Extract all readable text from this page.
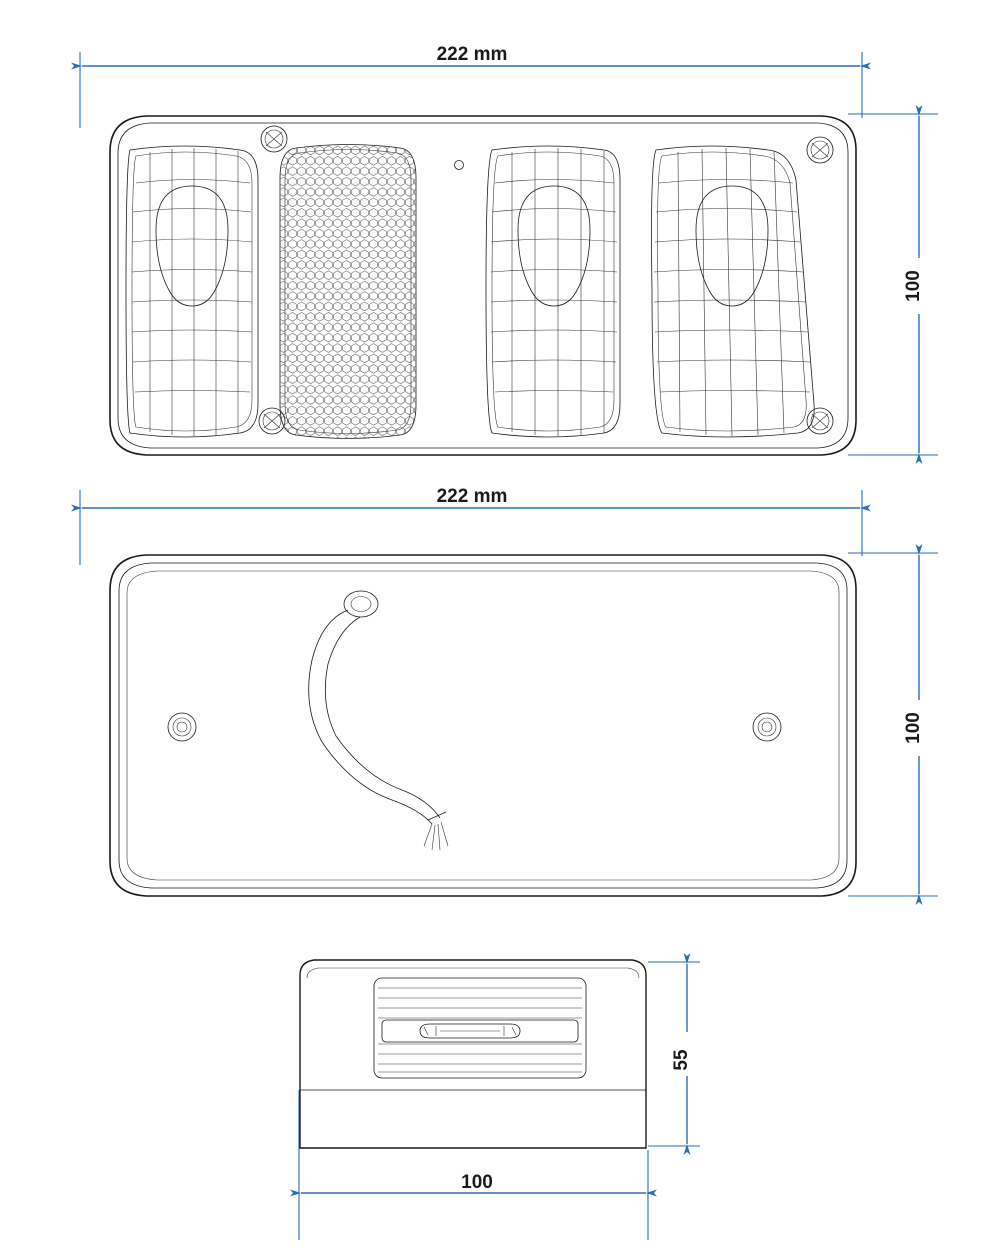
222 mm
100
222 mm
100
55
100
